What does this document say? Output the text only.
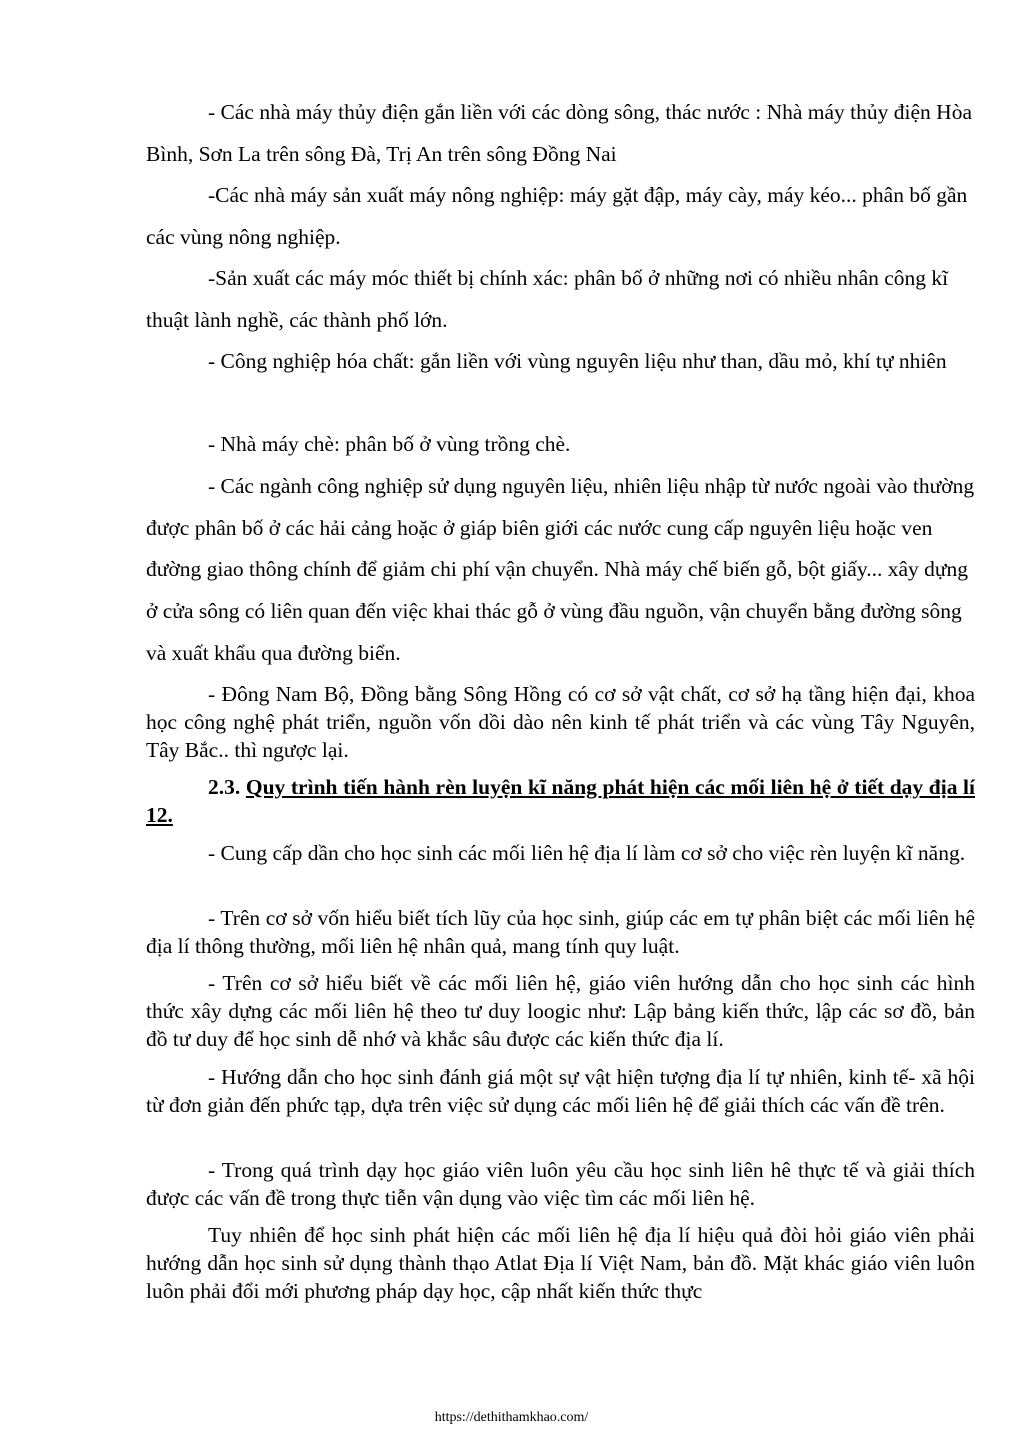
- Các nhà máy thủy điện gắn liền với các dòng sông, thác nước : Nhà máy thủy điện Hòa Bình, Sơn La trên sông Đà, Trị An trên sông Đồng Nai

-Các nhà máy sản xuất máy nông nghiệp: máy gặt đập, máy cày, máy kéo... phân bố gần các vùng nông nghiệp.

-Sản xuất các máy móc thiết bị chính xác: phân bố ở những nơi có nhiều nhân công kĩ thuật lành nghề, các thành phố lớn.

- Công nghiệp hóa chất: gắn liền với vùng nguyên liệu như than, dầu mỏ, khí tự nhiên

- Nhà máy chè: phân bố ở vùng trồng chè.

- Các ngành công nghiệp sử dụng nguyên liệu, nhiên liệu nhập từ nước ngoài vào thường được phân bố ở các hải cảng hoặc ở giáp biên giới các nước cung cấp nguyên liệu hoặc ven đường giao thông chính để giảm chi phí vận chuyển. Nhà máy chế biến gỗ, bột giấy... xây dựng ở cửa sông có liên quan đến việc khai thác gỗ ở vùng đầu nguồn, vận chuyển bằng đường sông và xuất khẩu qua đường biển.

- Đông Nam Bộ, Đồng bằng Sông Hồng có cơ sở vật chất, cơ sở hạ tầng hiện đại, khoa học công nghệ phát triển, nguồn vốn dồi dào nên kinh tế phát triển và các vùng Tây Nguyên, Tây Bắc.. thì ngược lại.

2.3. Quy trình tiến hành rèn luyện kĩ năng phát hiện các mối liên hệ ở tiết dạy địa lí 12.

- Cung cấp dần cho học sinh các mối liên hệ địa lí làm cơ sở cho việc rèn luyện kĩ năng.

- Trên cơ sở vốn hiểu biết tích lũy của học sinh, giúp các em tự phân biệt các mối liên hệ địa lí thông thường, mối liên hệ nhân quả, mang tính quy luật.

- Trên cơ sở hiểu biết về các mối liên hệ, giáo viên hướng dẫn cho học sinh các hình thức xây dựng các mối liên hệ theo tư duy loogic như: Lập bảng kiến thức, lập các sơ đồ, bản đồ tư duy để học sinh dễ nhớ và khắc sâu được các kiến thức địa lí.

- Hướng dẫn cho học sinh đánh giá một sự vật hiện tượng địa lí tự nhiên, kinh tế- xã hội từ đơn giản đến phức tạp, dựa trên việc sử dụng các mối liên hệ để giải thích các vấn đề trên.

- Trong quá trình dạy học giáo viên luôn yêu cầu học sinh liên hê thực tế và giải thích được các vấn đề trong thực tiễn vận dụng vào việc tìm các mối liên hệ.

Tuy nhiên để học sinh phát hiện các mối liên hệ địa lí hiệu quả đòi hỏi giáo viên phải hướng dẫn học sinh sử dụng thành thạo Atlat Địa lí Việt Nam, bản đồ. Mặt khác giáo viên luôn luôn phải đổi mới phương pháp dạy học, cập nhất kiến thức thực

https://dethithamkhao.com/
